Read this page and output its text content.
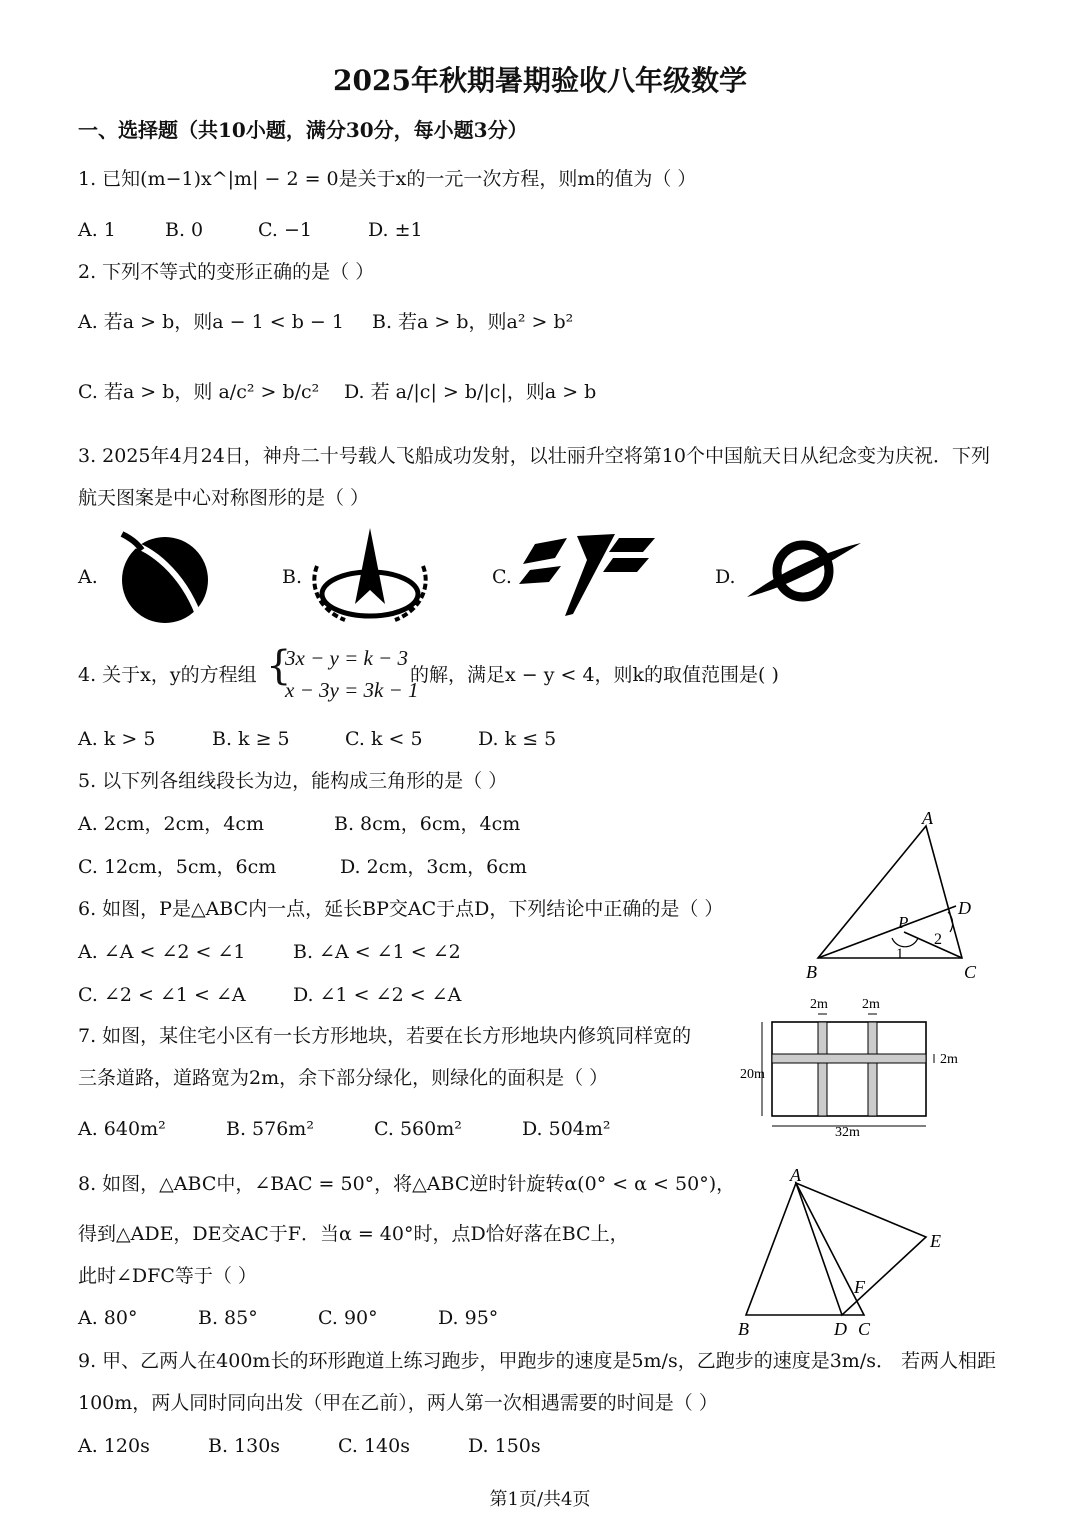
2025年秋期暑期验收八年级数学
一、选择题（共10小题，满分30分，每小题3分）
1. 已知(m−1)x^|m| − 2 = 0是关于x的一元一次方程，则m的值为（ ）
A. 1	B. 0	C. −1	D. ±1
2. 下列不等式的变形正确的是（ ）
A. 若a > b，则a − 1 < b − 1 B. 若a > b，则a² > b²
C. 若a > b，则 a/c² > b/c² D. 若 a/|c| > b/|c|，则a > b
3. 2025年4月24日，神舟二十号载人飞船成功发射，以壮丽升空将第10个中国航天日从纪念变为庆祝．下列
航天图案是中心对称图形的是（ ）
A.	B.	C.	D.
4. 关于x，y的方程组 {
3x − y = k − 3
x − 3y = 3k − 1
的解，满足x − y < 4，则k的取值范围是( )
A. k > 5	B. k ≥ 5	C. k < 5	D. k ≤ 5
5. 以下列各组线段长为边，能构成三角形的是（ ）
A. 2cm，2cm，4cm	B. 8cm，6cm，4cm
C. 12cm，5cm，6cm	D. 2cm，3cm，6cm
A
B	C
D
P
1
2
6. 如图，P是△ABC内一点，延长BP交AC于点D，下列结论中正确的是（ ）
A. ∠A < ∠2 < ∠1	B. ∠A < ∠1 < ∠2
C. ∠2 < ∠1 < ∠A D. ∠1 < ∠2 < ∠A	2m 2m
2m
20m
32m
7. 如图，某住宅小区有一长方形地块，若要在长方形地块内修筑同样宽的
三条道路，道路宽为2m，余下部分绿化，则绿化的面积是（ ）
A. 640m²	B. 576m²	C. 560m²	D. 504m²
A
B	D C
E
F
8. 如图，△ABC中，∠BAC = 50°，将△ABC逆时针旋转α(0° < α < 50°)，
得到△ADE，DE交AC于F．当α = 40°时，点D恰好落在BC上，
此时∠DFC等于（ ）
A. 80°	B. 85°	C. 90°	D. 95°
9. 甲、乙两人在400m长的环形跑道上练习跑步，甲跑步的速度是5m/s，乙跑步的速度是3m/s． 若两人相距
100m，两人同时同向出发（甲在乙前），两人第一次相遇需要的时间是（ ）
A. 120s	B. 130s	C. 140s	D. 150s
第1页/共4页
